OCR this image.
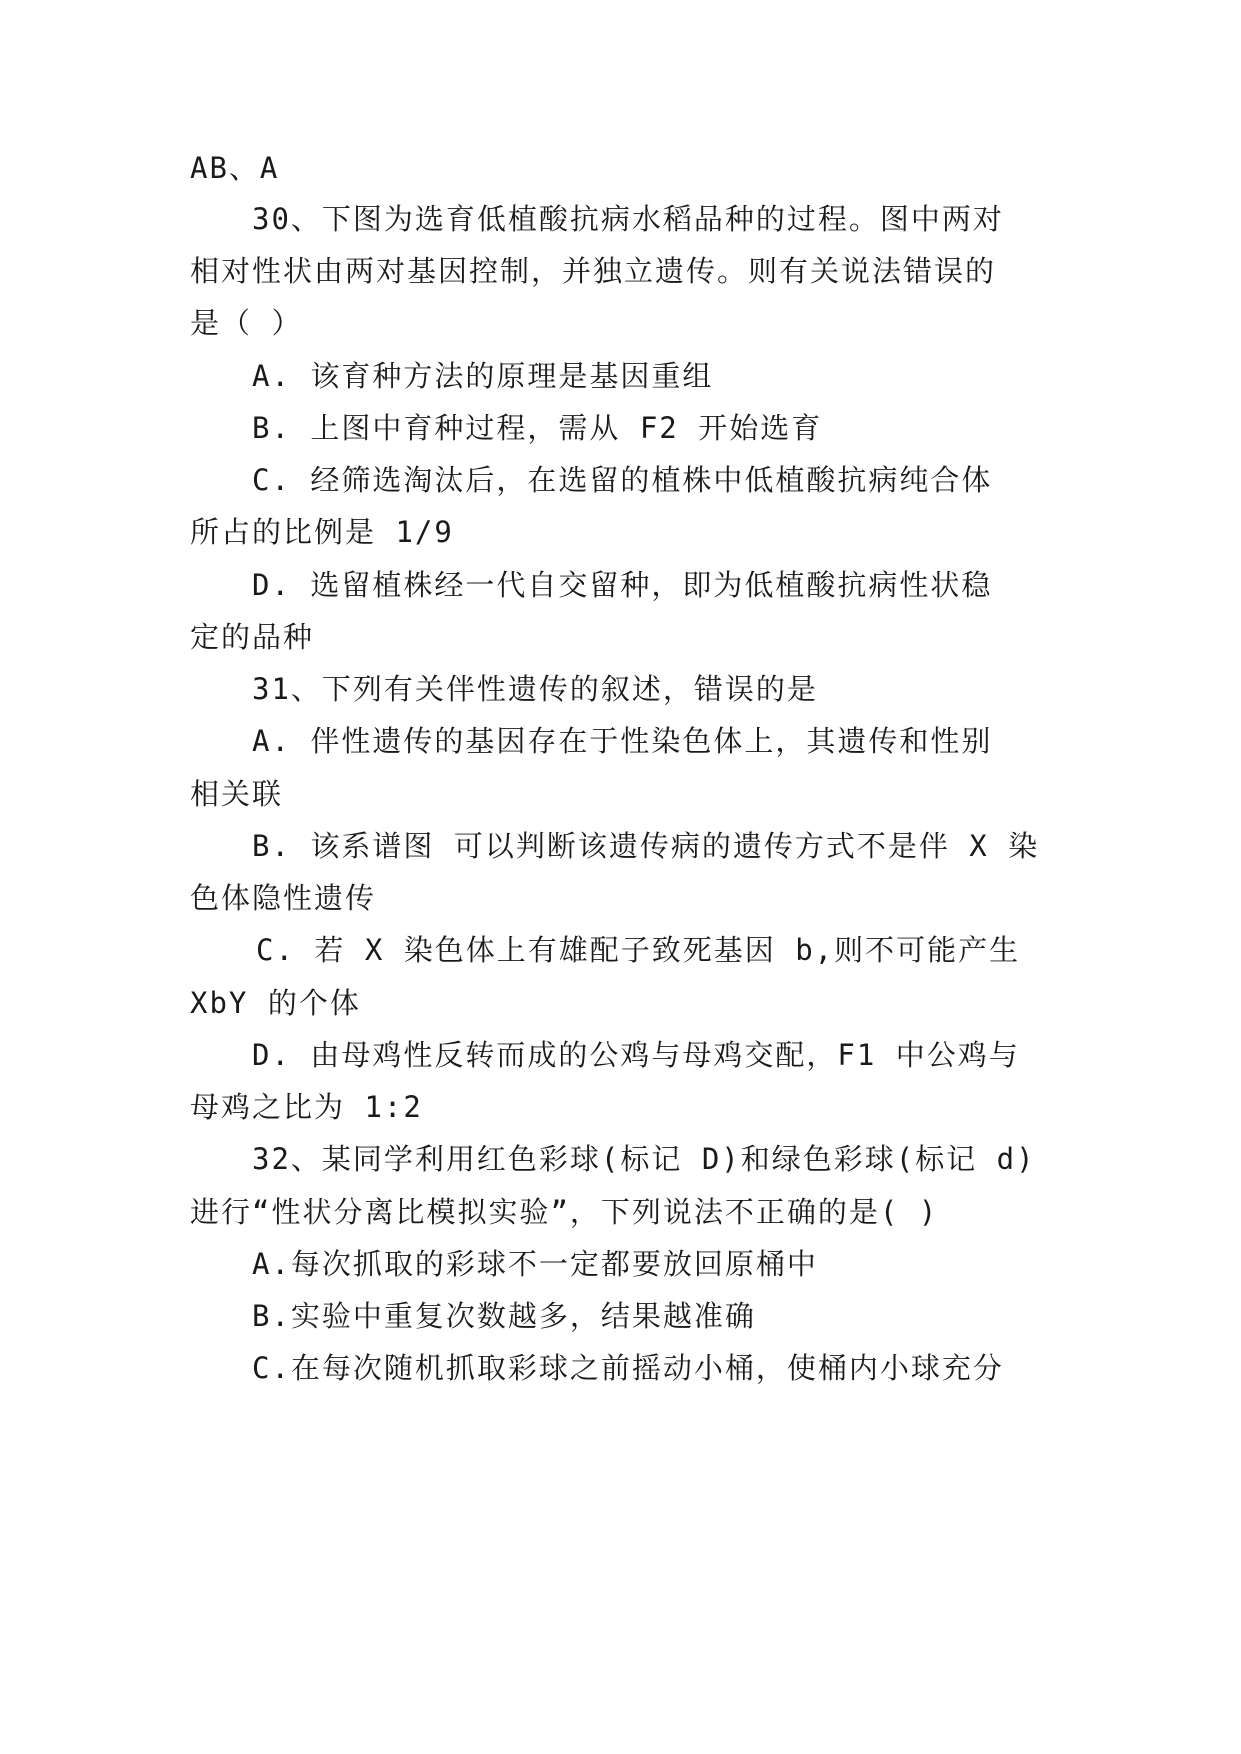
AB、A
30、下图为选育低植酸抗病水稻品种的过程。图中两对
相对性状由两对基因控制，并独立遗传。则有关说法错误的
是（ ）
A. 该育种方法的原理是基因重组
B. 上图中育种过程，需从 F2 开始选育
C. 经筛选淘汰后，在选留的植株中低植酸抗病纯合体
所占的比例是 1/9
D. 选留植株经一代自交留种，即为低植酸抗病性状稳
定的品种
31、下列有关伴性遗传的叙述，错误的是
A. 伴性遗传的基因存在于性染色体上，其遗传和性别
相关联
B. 该系谱图 可以判断该遗传病的遗传方式不是伴 X 染
色体隐性遗传
C. 若 X 染色体上有雄配子致死基因 b,则不可能产生
XbY 的个体
D. 由母鸡性反转而成的公鸡与母鸡交配，F1 中公鸡与
母鸡之比为 1:2
32、某同学利用红色彩球(标记 D)和绿色彩球(标记 d)
进行“性状分离比模拟实验”，下列说法不正确的是( )
A.每次抓取的彩球不一定都要放回原桶中
B.实验中重复次数越多，结果越准确
C.在每次随机抓取彩球之前摇动小桶，使桶内小球充分
